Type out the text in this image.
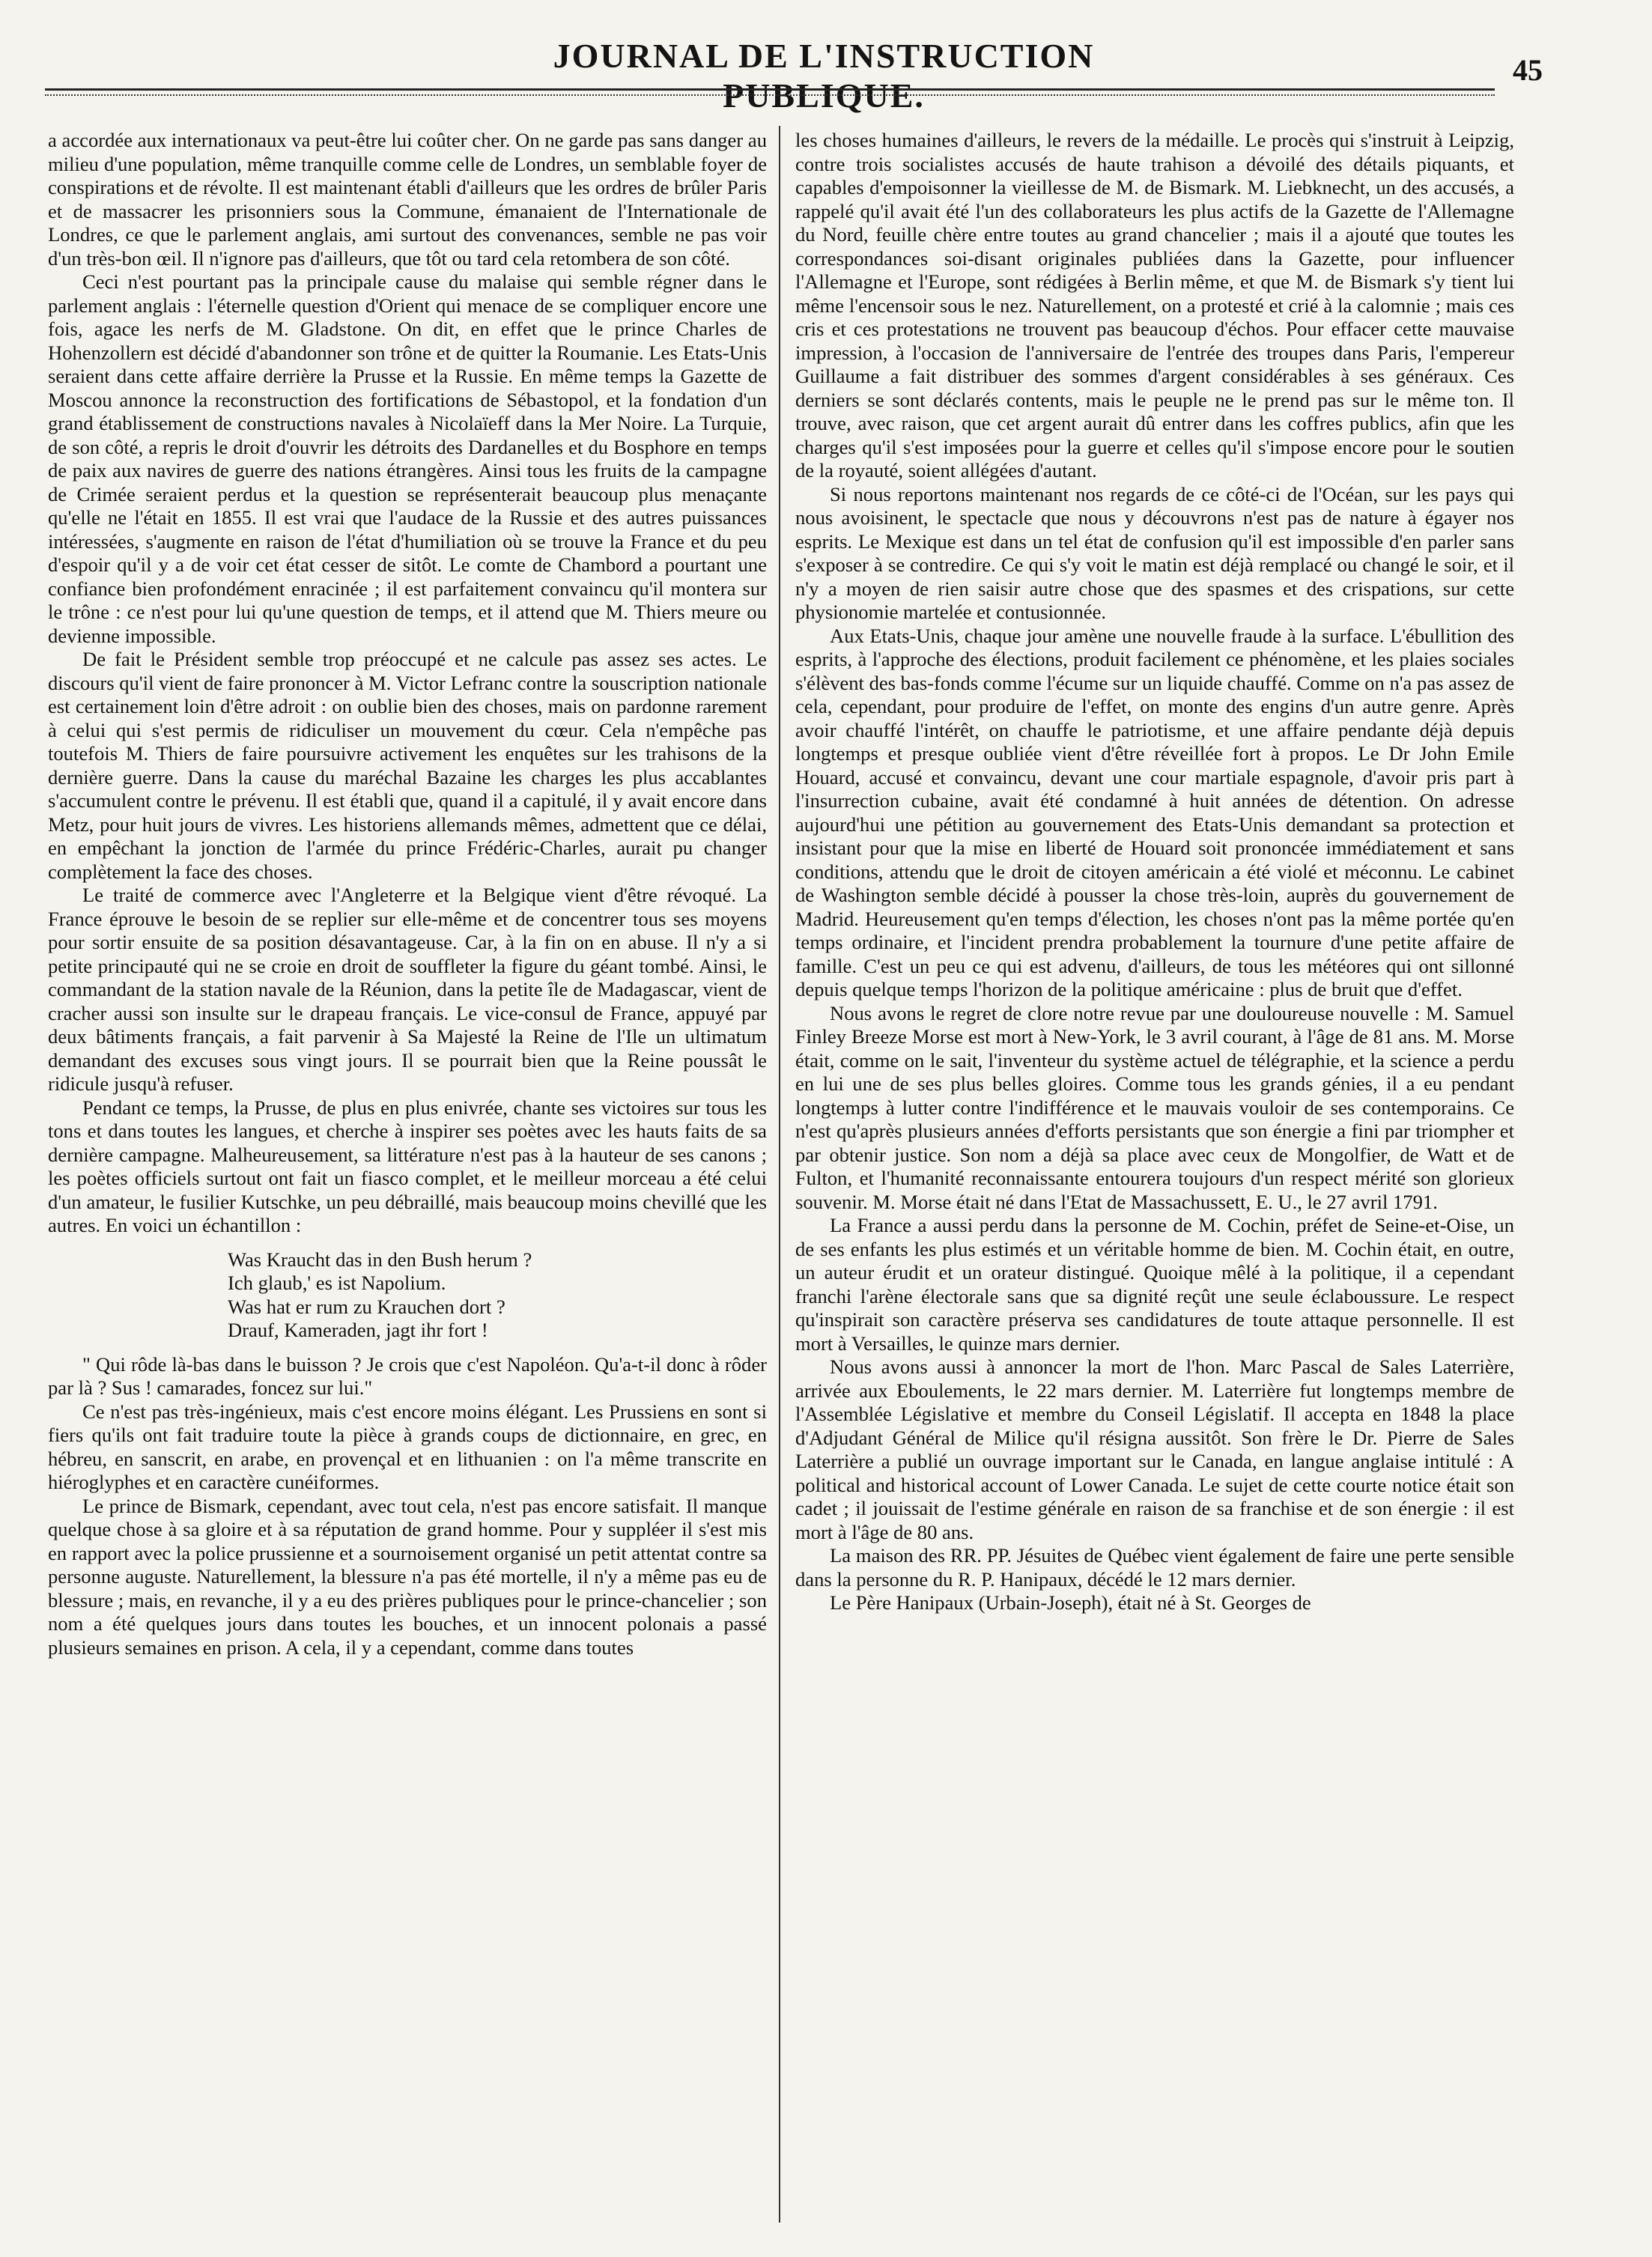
JOURNAL DE L'INSTRUCTION PUBLIQUE.
45

a accordée aux internationaux va peut-être lui coûter cher. On ne garde pas sans danger au milieu d'une population, même tranquille comme celle de Londres, un semblable foyer de conspirations et de révolte. Il est maintenant établi d'ailleurs que les ordres de brûler Paris et de massacrer les prisonniers sous la Commune, émanaient de l'Internationale de Londres, ce que le parlement anglais, ami surtout des convenances, semble ne pas voir d'un très-bon œil. Il n'ignore pas d'ailleurs, que tôt ou tard cela retombera de son côté.

Ceci n'est pourtant pas la principale cause du malaise qui semble régner dans le parlement anglais : l'éternelle question d'Orient qui menace de se compliquer encore une fois, agace les nerfs de M. Gladstone. On dit, en effet que le prince Charles de Hohenzollern est décidé d'abandonner son trône et de quitter la Roumanie. Les Etats-Unis seraient dans cette affaire derrière la Prusse et la Russie. En même temps la Gazette de Moscou annonce la reconstruction des fortifications de Sébastopol, et la fondation d'un grand établissement de constructions navales à Nicolaïeff dans la Mer Noire. La Turquie, de son côté, a repris le droit d'ouvrir les détroits des Dardanelles et du Bosphore en temps de paix aux navires de guerre des nations étrangères. Ainsi tous les fruits de la campagne de Crimée seraient perdus et la question se représenterait beaucoup plus menaçante qu'elle ne l'était en 1855. Il est vrai que l'audace de la Russie et des autres puissances intéressées, s'augmente en raison de l'état d'humiliation où se trouve la France et du peu d'espoir qu'il y a de voir cet état cesser de sitôt. Le comte de Chambord a pourtant une confiance bien profondément enracinée ; il est parfaitement convaincu qu'il montera sur le trône : ce n'est pour lui qu'une question de temps, et il attend que M. Thiers meure ou devienne impossible.

De fait le Président semble trop préoccupé et ne calcule pas assez ses actes. Le discours qu'il vient de faire prononcer à M. Victor Lefranc contre la souscription nationale est certainement loin d'être adroit : on oublie bien des choses, mais on pardonne rarement à celui qui s'est permis de ridiculiser un mouvement du cœur. Cela n'empêche pas toutefois M. Thiers de faire poursuivre activement les enquêtes sur les trahisons de la dernière guerre. Dans la cause du maréchal Bazaine les charges les plus accablantes s'accumulent contre le prévenu. Il est établi que, quand il a capitulé, il y avait encore dans Metz, pour huit jours de vivres. Les historiens allemands mêmes, admettent que ce délai, en empêchant la jonction de l'armée du prince Frédéric-Charles, aurait pu changer complètement la face des choses.

Le traité de commerce avec l'Angleterre et la Belgique vient d'être révoqué. La France éprouve le besoin de se replier sur elle-même et de concentrer tous ses moyens pour sortir ensuite de sa position désavantageuse. Car, à la fin on en abuse. Il n'y a si petite principauté qui ne se croie en droit de souffleter la figure du géant tombé. Ainsi, le commandant de la station navale de la Réunion, dans la petite île de Madagascar, vient de cracher aussi son insulte sur le drapeau français. Le vice-consul de France, appuyé par deux bâtiments français, a fait parvenir à Sa Majesté la Reine de l'Ile un ultimatum demandant des excuses sous vingt jours. Il se pourrait bien que la Reine poussât le ridicule jusqu'à refuser.

Pendant ce temps, la Prusse, de plus en plus enivrée, chante ses victoires sur tous les tons et dans toutes les langues, et cherche à inspirer ses poètes avec les hauts faits de sa dernière campagne. Malheureusement, sa littérature n'est pas à la hauteur de ses canons ; les poètes officiels surtout ont fait un fiasco complet, et le meilleur morceau a été celui d'un amateur, le fusilier Kutschke, un peu débraillé, mais beaucoup moins chevillé que les autres. En voici un échantillon :

Was Kraucht das in den Bush herum ?
Ich glaub,' es ist Napolium.
Was hat er rum zu Krauchen dort ?
Drauf, Kameraden, jagt ihr fort !

" Qui rôde là-bas dans le buisson ? Je crois que c'est Napoléon. Qu'a-t-il donc à rôder par là ? Sus ! camarades, foncez sur lui."

Ce n'est pas très-ingénieux, mais c'est encore moins élégant. Les Prussiens en sont si fiers qu'ils ont fait traduire toute la pièce à grands coups de dictionnaire, en grec, en hébreu, en sanscrit, en arabe, en provençal et en lithuanien : on l'a même transcrite en hiéroglyphes et en caractère cunéiformes.

Le prince de Bismark, cependant, avec tout cela, n'est pas encore satisfait. Il manque quelque chose à sa gloire et à sa réputation de grand homme. Pour y suppléer il s'est mis en rapport avec la police prussienne et a sournoisement organisé un petit attentat contre sa personne auguste. Naturellement, la blessure n'a pas été mortelle, il n'y a même pas eu de blessure ; mais, en revanche, il y a eu des prières publiques pour le prince-chancelier ; son nom a été quelques jours dans toutes les bouches, et un innocent polonais a passé plusieurs semaines en prison. A cela, il y a cependant, comme dans toutes

les choses humaines d'ailleurs, le revers de la médaille. Le procès qui s'instruit à Leipzig, contre trois socialistes accusés de haute trahison a dévoilé des détails piquants, et capables d'empoisonner la vieillesse de M. de Bismark. M. Liebknecht, un des accusés, a rappelé qu'il avait été l'un des collaborateurs les plus actifs de la Gazette de l'Allemagne du Nord, feuille chère entre toutes au grand chancelier ; mais il a ajouté que toutes les correspondances soi-disant originales publiées dans la Gazette, pour influencer l'Allemagne et l'Europe, sont rédigées à Berlin même, et que M. de Bismark s'y tient lui même l'encensoir sous le nez. Naturellement, on a protesté et crié à la calomnie ; mais ces cris et ces protestations ne trouvent pas beaucoup d'échos. Pour effacer cette mauvaise impression, à l'occasion de l'anniversaire de l'entrée des troupes dans Paris, l'empereur Guillaume a fait distribuer des sommes d'argent considérables à ses généraux. Ces derniers se sont déclarés contents, mais le peuple ne le prend pas sur le même ton. Il trouve, avec raison, que cet argent aurait dû entrer dans les coffres publics, afin que les charges qu'il s'est imposées pour la guerre et celles qu'il s'impose encore pour le soutien de la royauté, soient allégées d'autant.

Si nous reportons maintenant nos regards de ce côté-ci de l'Océan, sur les pays qui nous avoisinent, le spectacle que nous y découvrons n'est pas de nature à égayer nos esprits. Le Mexique est dans un tel état de confusion qu'il est impossible d'en parler sans s'exposer à se contredire. Ce qui s'y voit le matin est déjà remplacé ou changé le soir, et il n'y a moyen de rien saisir autre chose que des spasmes et des crispations, sur cette physionomie martelée et contusionnée.

Aux Etats-Unis, chaque jour amène une nouvelle fraude à la surface. L'ébullition des esprits, à l'approche des élections, produit facilement ce phénomène, et les plaies sociales s'élèvent des bas-fonds comme l'écume sur un liquide chauffé. Comme on n'a pas assez de cela, cependant, pour produire de l'effet, on monte des engins d'un autre genre. Après avoir chauffé l'intérêt, on chauffe le patriotisme, et une affaire pendante déjà depuis longtemps et presque oubliée vient d'être réveillée fort à propos. Le Dr John Emile Houard, accusé et convaincu, devant une cour martiale espagnole, d'avoir pris part à l'insurrection cubaine, avait été condamné à huit années de détention. On adresse aujourd'hui une pétition au gouvernement des Etats-Unis demandant sa protection et insistant pour que la mise en liberté de Houard soit prononcée immédiatement et sans conditions, attendu que le droit de citoyen américain a été violé et méconnu. Le cabinet de Washington semble décidé à pousser la chose très-loin, auprès du gouvernement de Madrid. Heureusement qu'en temps d'élection, les choses n'ont pas la même portée qu'en temps ordinaire, et l'incident prendra probablement la tournure d'une petite affaire de famille. C'est un peu ce qui est advenu, d'ailleurs, de tous les météores qui ont sillonné depuis quelque temps l'horizon de la politique américaine : plus de bruit que d'effet.

Nous avons le regret de clore notre revue par une douloureuse nouvelle : M. Samuel Finley Breeze Morse est mort à New-York, le 3 avril courant, à l'âge de 81 ans. M. Morse était, comme on le sait, l'inventeur du système actuel de télégraphie, et la science a perdu en lui une de ses plus belles gloires. Comme tous les grands génies, il a eu pendant longtemps à lutter contre l'indifférence et le mauvais vouloir de ses contemporains. Ce n'est qu'après plusieurs années d'efforts persistants que son énergie a fini par triompher et par obtenir justice. Son nom a déjà sa place avec ceux de Mongolfier, de Watt et de Fulton, et l'humanité reconnaissante entourera toujours d'un respect mérité son glorieux souvenir. M. Morse était né dans l'Etat de Massachussett, E. U., le 27 avril 1791.

La France a aussi perdu dans la personne de M. Cochin, préfet de Seine-et-Oise, un de ses enfants les plus estimés et un véritable homme de bien. M. Cochin était, en outre, un auteur érudit et un orateur distingué. Quoique mêlé à la politique, il a cependant franchi l'arène électorale sans que sa dignité reçût une seule éclaboussure. Le respect qu'inspirait son caractère préserva ses candidatures de toute attaque personnelle. Il est mort à Versailles, le quinze mars dernier.

Nous avons aussi à annoncer la mort de l'hon. Marc Pascal de Sales Laterrière, arrivée aux Eboulements, le 22 mars dernier. M. Laterrière fut longtemps membre de l'Assemblée Législative et membre du Conseil Législatif. Il accepta en 1848 la place d'Adjudant Général de Milice qu'il résigna aussitôt. Son frère le Dr. Pierre de Sales Laterrière a publié un ouvrage important sur le Canada, en langue anglaise intitulé : A political and historical account of Lower Canada. Le sujet de cette courte notice était son cadet ; il jouissait de l'estime générale en raison de sa franchise et de son énergie : il est mort à l'âge de 80 ans.

La maison des RR. PP. Jésuites de Québec vient également de faire une perte sensible dans la personne du R. P. Hanipaux, décédé le 12 mars dernier.

Le Père Hanipaux (Urbain-Joseph), était né à St. Georges de
